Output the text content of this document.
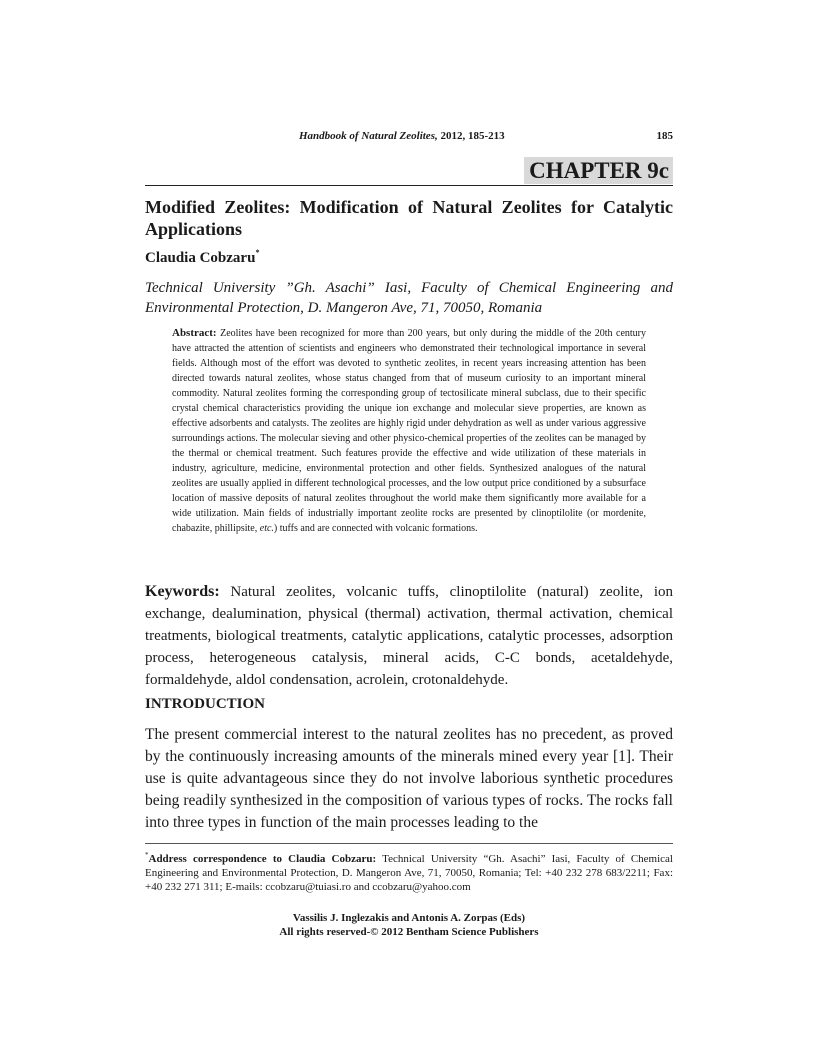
Handbook of Natural Zeolites, 2012, 185-213	185
CHAPTER 9c
Modified Zeolites: Modification of Natural Zeolites for Catalytic Applications
Claudia Cobzaru*
Technical University ”Gh. Asachi” Iasi, Faculty of Chemical Engineering and Environmental Protection, D. Mangeron Ave, 71, 70050, Romania
Abstract: Zeolites have been recognized for more than 200 years, but only during the middle of the 20th century have attracted the attention of scientists and engineers who demonstrated their technological importance in several fields. Although most of the effort was devoted to synthetic zeolites, in recent years increasing attention has been directed towards natural zeolites, whose status changed from that of museum curiosity to an important mineral commodity. Natural zeolites forming the corresponding group of tectosilicate mineral subclass, due to their specific crystal chemical characteristics providing the unique ion exchange and molecular sieve properties, are known as effective adsorbents and catalysts. The zeolites are highly rigid under dehydration as well as under various aggressive surroundings actions. The molecular sieving and other physico-chemical properties of the zeolites can be managed by the thermal or chemical treatment. Such features provide the effective and wide utilization of these materials in industry, agriculture, medicine, environmental protection and other fields. Synthesized analogues of the natural zeolites are usually applied in different technological processes, and the low output price conditioned by a subsurface location of massive deposits of natural zeolites throughout the world make them significantly more available for a wide utilization. Main fields of industrially important zeolite rocks are presented by clinoptilolite (or mordenite, chabazite, phillipsite, etc.) tuffs and are connected with volcanic formations.
Keywords: Natural zeolites, volcanic tuffs, clinoptilolite (natural) zeolite, ion exchange, dealumination, physical (thermal) activation, thermal activation, chemical treatments, biological treatments, catalytic applications, catalytic processes, adsorption process, heterogeneous catalysis, mineral acids, C-C bonds, acetaldehyde, formaldehyde, aldol condensation, acrolein, crotonaldehyde.
INTRODUCTION
The present commercial interest to the natural zeolites has no precedent, as proved by the continuously increasing amounts of the minerals mined every year [1]. Their use is quite advantageous since they do not involve laborious synthetic procedures being readily synthesized in the composition of various types of rocks. The rocks fall into three types in function of the main processes leading to the
*Address correspondence to Claudia Cobzaru: Technical University “Gh. Asachi” Iasi, Faculty of Chemical Engineering and Environmental Protection, D. Mangeron Ave, 71, 70050, Romania; Tel: +40 232 278 683/2211; Fax: +40 232 271 311; E-mails: ccobzaru@tuiasi.ro and ccobzaru@yahoo.com
Vassilis J. Inglezakis and Antonis A. Zorpas (Eds)
All rights reserved-© 2012 Bentham Science Publishers
